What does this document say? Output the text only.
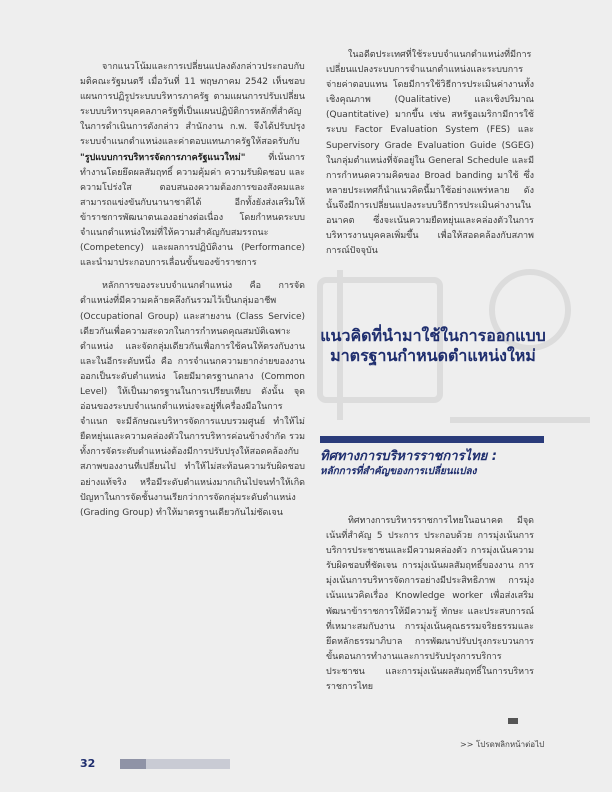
จากแนวโน้มและการเปลี่ยนแปลงดังกล่าวประกอบกับมติคณะรัฐมนตรี เมื่อวันที่ 11 พฤษภาคม 2542 เห็นชอบแผนการปฏิรูประบบบริหารภาครัฐ ตามแผนการปรับเปลี่ยนระบบบริหารบุคคลภาครัฐที่เป็นแผนปฏิบัติการหลักที่สำคัญ ในการดำเนินการดังกล่าว สำนักงาน ก.พ. จึงได้ปรับปรุงระบบจำแนกตำแหน่งและค่าตอบแทนภาครัฐให้สอดรับกับ "รูปแบบการบริหารจัดการภาครัฐแนวใหม่"	ที่เน้นการทำงานโดยยึดผลสัมฤทธิ์ ความคุ้มค่า ความรับผิดชอบ และความโปร่งใส ตอบสนองความต้องการของสังคมและสามารถแข่งขันกับนานาชาติได้ อีกทั้งยังส่งเสริมให้ข้าราชการพัฒนาตนเองอย่างต่อเนื่อง โดยกำหนดระบบจำแนกตำแหน่งใหม่ที่ให้ความสำคัญกับสมรรถนะ (Competency) และผลการปฏิบัติงาน (Performance) และนำมาประกอบการเลื่อนขั้นของข้าราชการ

หลักการของระบบจำแนกตำแหน่ง คือ การจัดตำแหน่งที่มีความคล้ายคลึงกันรวมไว้เป็นกลุ่มอาชีพ (Occupational Group) และสายงาน (Class Service) เดียวกันเพื่อความสะดวกในการกำหนดคุณสมบัติเฉพาะตำแหน่ง และจัดกลุ่มเดียวกันเพื่อการใช้คนให้ตรงกับงาน และในอีกระดับหนึ่ง คือ การจำแนกความยากง่ายของงานออกเป็นระดับตำแหน่ง โดยมีมาตรฐานกลาง (Common Level) ให้เป็นมาตรฐานในการเปรียบเทียบ ดังนั้น จุดอ่อนของระบบจำแนกตำแหน่งจะอยู่ที่เครื่องมือในการจำแนก จะมีลักษณะบริหารจัดการแบบรวมศูนย์ ทำให้ไม่ยืดหยุ่นและความคล่องตัวในการบริหารค่อนข้างจำกัด รวมทั้งการจัดระดับตำแหน่งต้องมีการปรับปรุงให้สอดคล้องกับสภาพของงานที่เปลี่ยนไป ทำให้ไม่สะท้อนความรับผิดชอบอย่างแท้จริง หรือมีระดับตำแหน่งมากเกินไปจนทำให้เกิดปัญหาในการจัดชั้นงานเรียกว่าการจัดกลุ่มระดับตำแหน่ง (Grading Group) ทำให้มาตรฐานเดียวกันไม่ชัดเจน

ในอดีตประเทศที่ใช้ระบบจำแนกตำแหน่งที่มีการเปลี่ยนแปลงระบบการจำแนกตำแหน่งและระบบการจ่ายค่าตอบแทน โดยมีการใช้วิธีการประเมินค่างานทั้งเชิงคุณภาพ (Qualitative) และเชิงปริมาณ (Quantitative) มากขึ้น เช่น สหรัฐอเมริกามีการใช้ระบบ Factor Evaluation System (FES) และ Supervisory Grade Evaluation Guide (SGEG) ในกลุ่มตำแหน่งที่จัดอยู่ใน General Schedule และมีการกำหนดความคิดของ Broad banding มาใช้ ซึ่งหลายประเทศก็นำแนวคิดนี้มาใช้อย่างแพร่หลาย ดังนั้นจึงมีการเปลี่ยนแปลงระบบวิธีการประเมินค่างานในอนาคต ซึ่งจะเน้นความยืดหยุ่นและคล่องตัวในการบริหารงานบุคคลเพิ่มขึ้น เพื่อให้สอดคล้องกับสภาพการณ์ปัจจุบัน

แนวคิดที่นำมาใช้ในการออกแบบมาตรฐานกำหนดตำแหน่งใหม่
ทิศทางการบริหารราชการไทย :
หลักการที่สำคัญของการเปลี่ยนแปลง

ทิศทางการบริหารราชการไทยในอนาคต มีจุดเน้นที่สำคัญ 5 ประการ ประกอบด้วย การมุ่งเน้นการบริการประชาชนและมีความคล่องตัว การมุ่งเน้นความรับผิดชอบที่ชัดเจน การมุ่งเน้นผลสัมฤทธิ์ของงาน การมุ่งเน้นการบริหารจัดการอย่างมีประสิทธิภาพ การมุ่งเน้นแนวคิดเรื่อง Knowledge worker เพื่อส่งเสริมพัฒนาข้าราชการให้มีความรู้ ทักษะ และประสบการณ์ที่เหมาะสมกับงาน การมุ่งเน้นคุณธรรมจริยธรรมและยึดหลักธรรมาภิบาล การพัฒนาปรับปรุงกระบวนการขั้นตอนการทำงานและการปรับปรุงการบริการประชาชน และการมุ่งเน้นผลสัมฤทธิ์ในการบริหารราชการไทย

>> โปรดพลิกหน้าต่อไป
32
